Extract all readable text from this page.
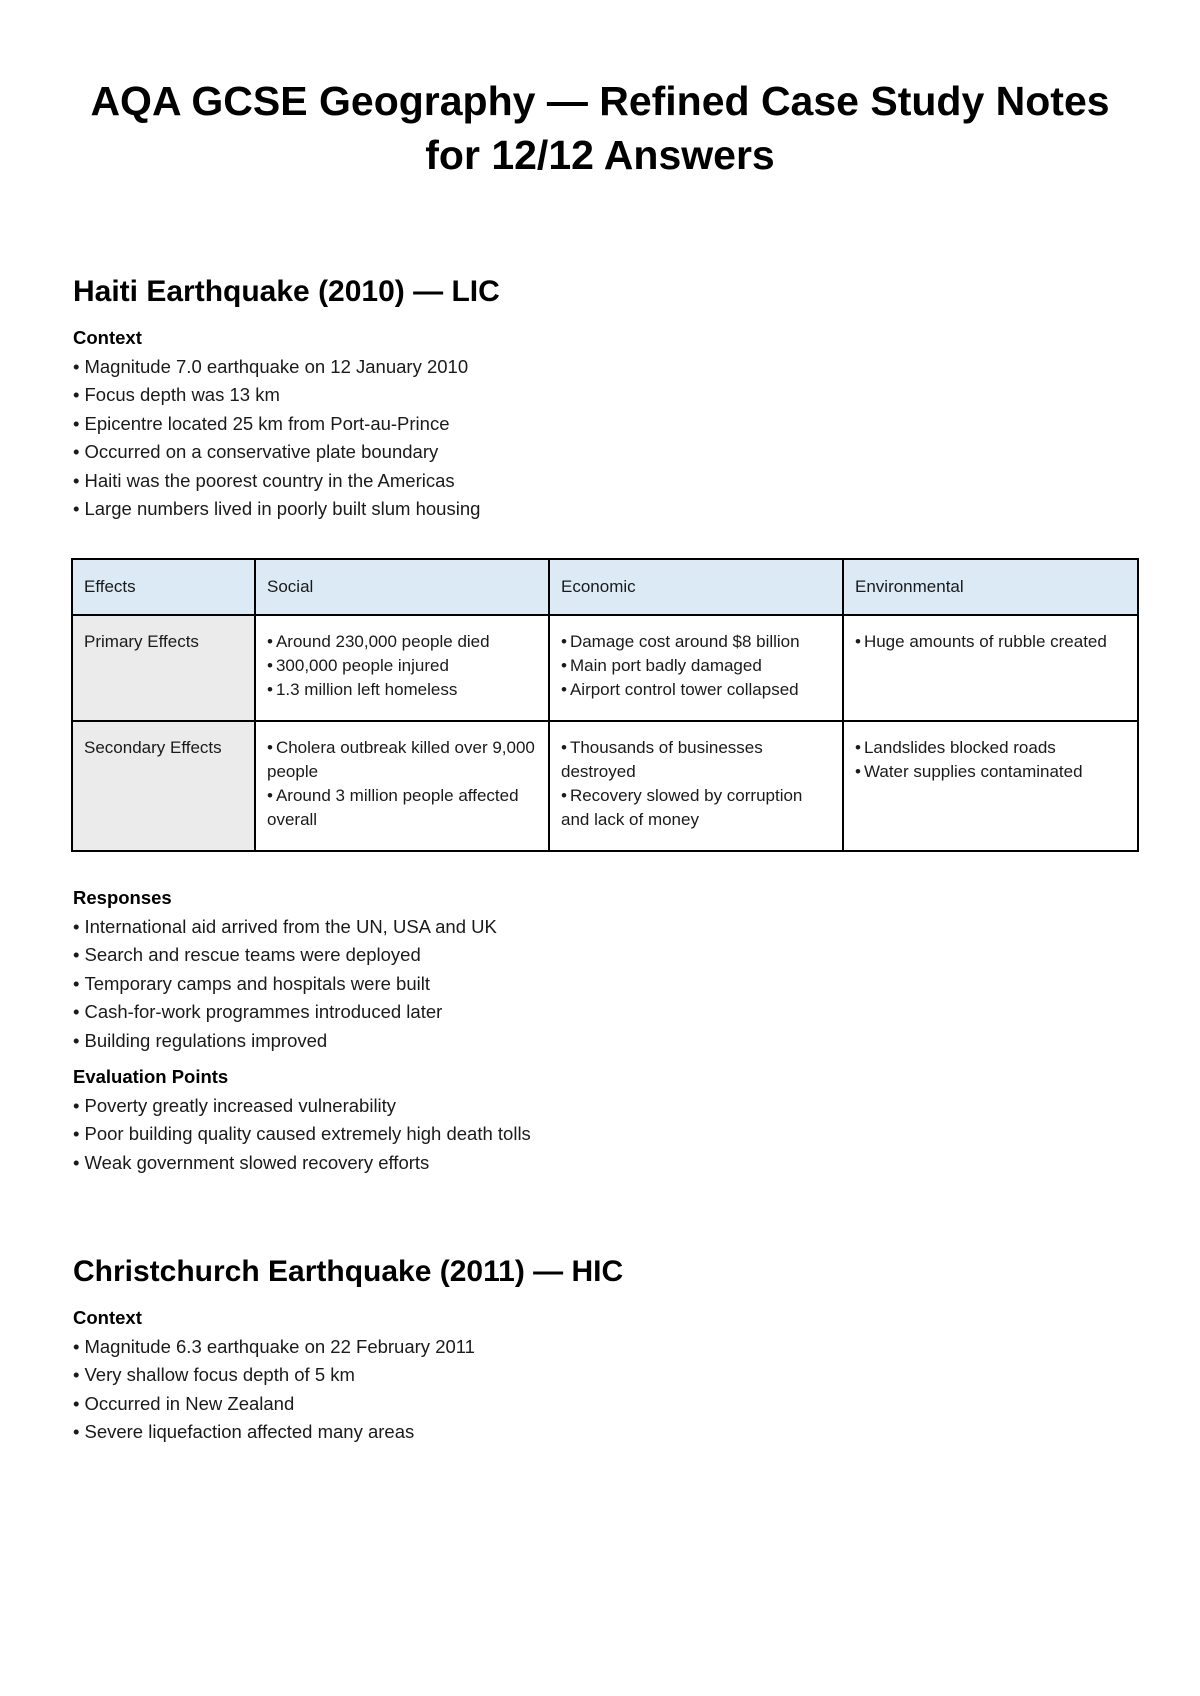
AQA GCSE Geography — Refined Case Study Notes for 12/12 Answers
Haiti Earthquake (2010) — LIC
Context
• Magnitude 7.0 earthquake on 12 January 2010
• Focus depth was 13 km
• Epicentre located 25 km from Port-au-Prince
• Occurred on a conservative plate boundary
• Haiti was the poorest country in the Americas
• Large numbers lived in poorly built slum housing
Effects	Social	Economic	Environmental
Primary Effects	• Around 230,000 people died
• 300,000 people injured
• 1.3 million left homeless	• Damage cost around $8 billion
• Main port badly damaged
• Airport control tower collapsed	• Huge amounts of rubble created

Secondary Effects	• Cholera outbreak killed over 9,000 people
• Around 3 million people affected overall	• Thousands of businesses destroyed
• Recovery slowed by corruption and lack of money	• Landslides blocked roads
• Water supplies contaminated
Responses
• International aid arrived from the UN, USA and UK
• Search and rescue teams were deployed
• Temporary camps and hospitals were built
• Cash-for-work programmes introduced later
• Building regulations improved
Evaluation Points
• Poverty greatly increased vulnerability
• Poor building quality caused extremely high death tolls
• Weak government slowed recovery efforts
Christchurch Earthquake (2011) — HIC
Context
• Magnitude 6.3 earthquake on 22 February 2011
• Very shallow focus depth of 5 km
• Occurred in New Zealand
• Severe liquefaction affected many areas
